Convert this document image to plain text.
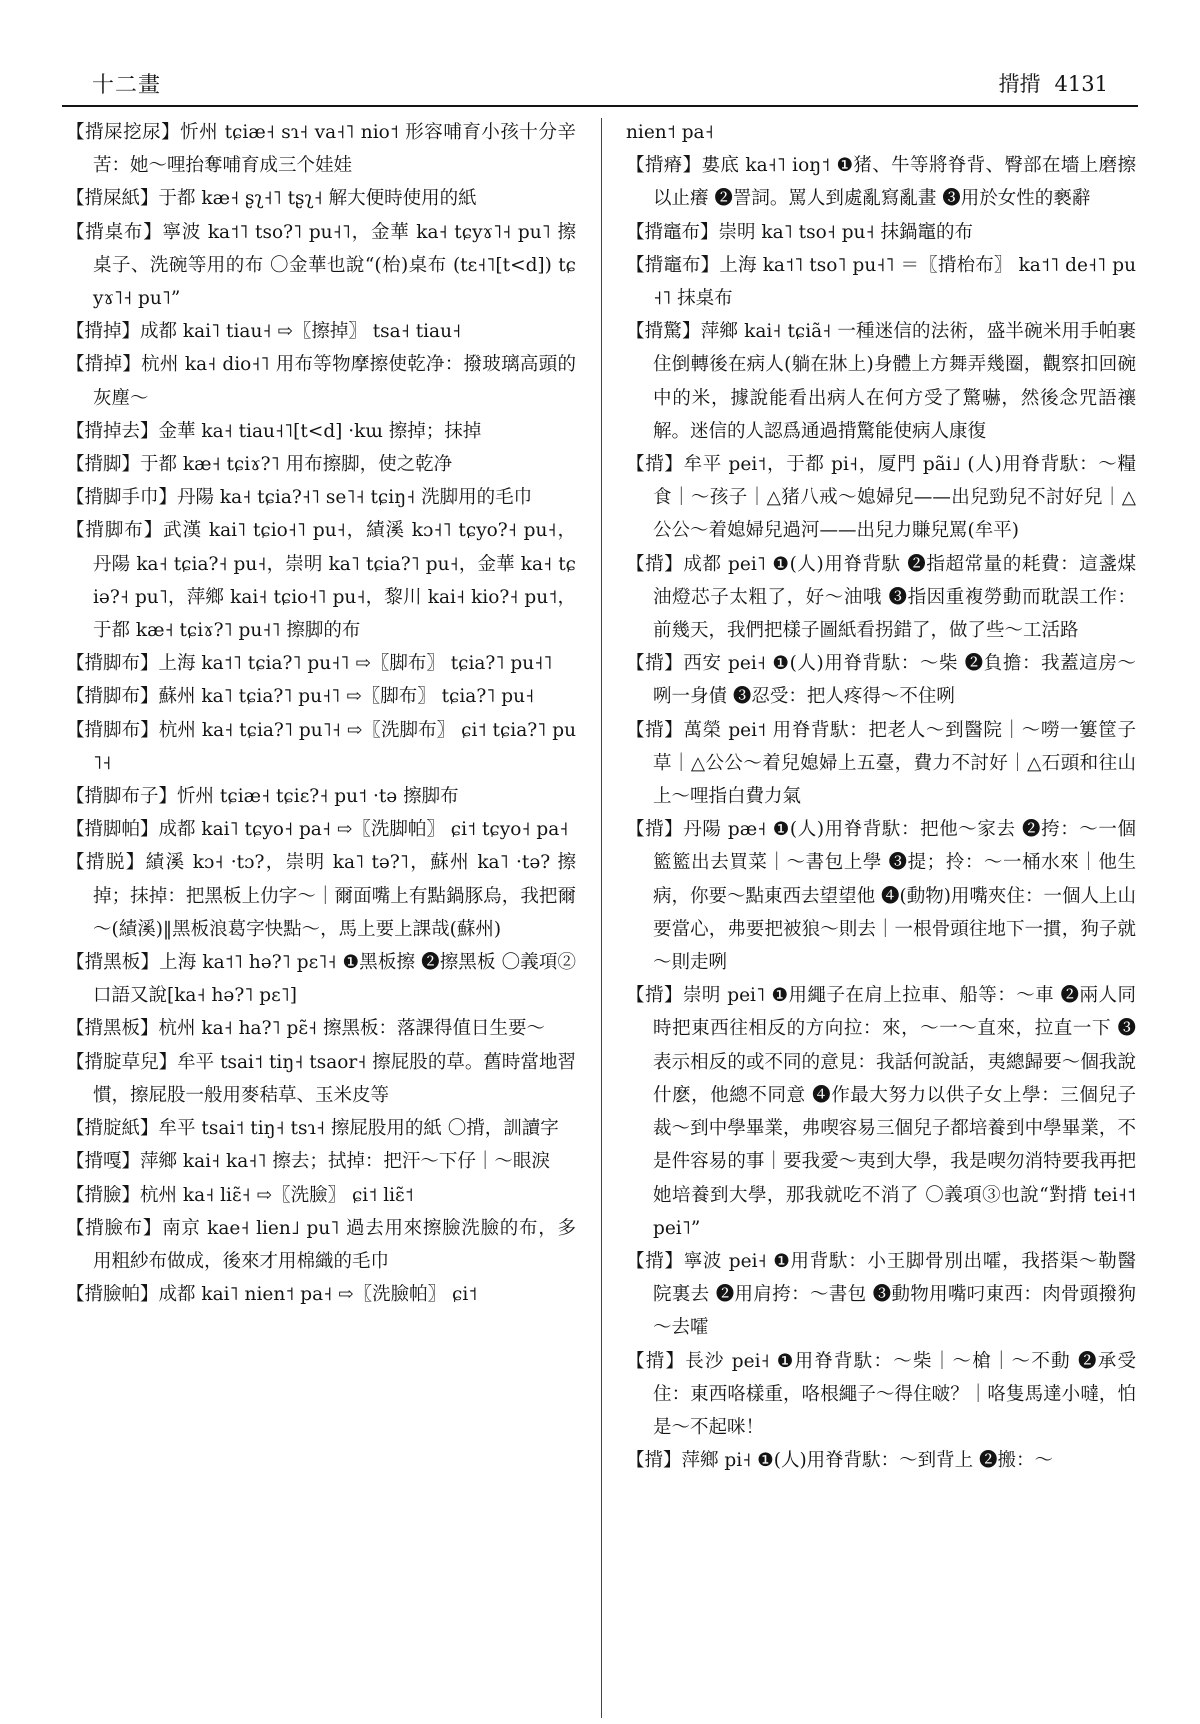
十二畫	揹揹 4131

【揹屎挖尿】忻州 tɕiæ˧ sɿ˧ va˧˥ nio˦ 形容哺育小孩十分辛苦：她～哩抬奪哺育成三个娃娃

【揹屎紙】于都 kæ˧ ʂʅ˧˥ tʂʅ˧ 解大便時使用的紙

【揹桌布】寧波 ka˦˥ tso?˥ pu˧˥，金華 ka˧ tɕyɤ˥˧ pu˥ 擦桌子、洗碗等用的布 〇金華也說“(枱)桌布 (tɛ˧˥[t<d]) tɕyɤ˥˧ pu˥”

【揹掉】成都 kai˥ tiau˧ ⇨〖擦掉〗 tsa˧ tiau˧

【揹掉】杭州 ka˧ dio˧˥ 用布等物摩擦使乾净：撥玻璃高頭的灰塵～

【揹掉去】金華 ka˧ tiau˧˥[t<d] ·kɯ 擦掉；抹掉

【揹脚】于都 kæ˧ tɕiɤ?˥ 用布擦脚，使之乾净

【揹脚手巾】丹陽 ka˧ tɕia?˧˥ se˥˧ tɕiŋ˧ 洗脚用的毛巾

【揹脚布】武漢 kai˥ tɕio˧˥ pu˧，績溪 kɔ˧˥ tɕyo?˧ pu˧，丹陽 ka˧ tɕia?˧ pu˧，崇明 ka˥ tɕia?˥ pu˧，金華 ka˧ tɕiə?˧ pu˥，萍鄉 kai˧ tɕio˧˥ pu˧，黎川 kai˧ kio?˧ pu˦，于都 kæ˧ tɕiɤ?˥ pu˧˥ 擦脚的布

【揹脚布】上海 ka˦˥ tɕia?˥ pu˧˥ ⇨〖脚布〗 tɕia?˥ pu˧˥

【揹脚布】蘇州 ka˥ tɕia?˥ pu˧˥ ⇨〖脚布〗 tɕia?˥ pu˧

【揹脚布】杭州 ka˧ tɕia?˥ pu˥˧ ⇨〖洗脚布〗 ɕi˦ tɕia?˥ pu˥˧

【揹脚布子】忻州 tɕiæ˧ tɕiɛ?˧ pu˦ ·tə 擦脚布

【揹脚帕】成都 kai˥ tɕyo˧ pa˧ ⇨〖洗脚帕〗 ɕi˦ tɕyo˧ pa˧

【揹脱】績溪 kɔ˧ ·tɔ?，崇明 ka˥ tə?˥，蘇州 ka˥ ·tə? 擦掉；抹掉：把黑板上仂字～｜爾面嘴上有點鍋豚烏，我把爾～(績溪)‖黑板浪葛字快點～，馬上要上課哉(蘇州)

【揹黑板】上海 ka˦˥ hə?˥ pɛ˥˧ ❶黑板擦 ❷擦黑板 〇義項②口語又說[ka˧ hə?˥ pɛ˥]

【揹黑板】杭州 ka˧ ha?˥ pɛ̃˧ 擦黑板：落課得值日生要～

【揹腚草兒】牟平 tsai˦ tiŋ˧ tsaor˧ 擦屁股的草。舊時當地習慣，擦屁股一般用麥秸草、玉米皮等

【揹腚紙】牟平 tsai˦ tiŋ˧ tsɿ˧ 擦屁股用的紙 〇揹，訓讀字

【揹嘎】萍鄉 kai˧ ka˧˥ 擦去；拭掉：把汗～下仔｜～眼淚

【揹臉】杭州 ka˧ liɛ̃˧ ⇨〖洗臉〗 ɕi˦ liɛ̃˦

【揹臉布】南京 kae˧ lien˩ pu˥ 過去用來擦臉洗臉的布，多用粗紗布做成，後來才用棉織的毛巾

【揹臉帕】成都 kai˥ nien˦ pa˧ ⇨〖洗臉帕〗 ɕi˦

nien˦ pa˧

【揹瘠】婁底 ka˧˥ ioŋ˦ ❶猪、牛等將脊背、臀部在墻上磨擦以止癢 ❷詈詞。罵人到處亂寫亂畫 ❸用於女性的褻辭

【揹竈布】崇明 ka˥ tso˧ pu˧ 抹鍋竈的布

【揹竈布】上海 ka˦˥ tso˥ pu˧˥ ＝〖揹枱布〗 ka˦˥ de˧˥ pu˧˥ 抹桌布

【揹驚】萍鄉 kai˧ tɕiã˧ 一種迷信的法術，盛半碗米用手帕裹住倒轉後在病人(躺在牀上)身體上方舞弄幾圈，觀察扣回碗中的米，據說能看出病人在何方受了驚嚇，然後念咒語禳解。迷信的人認爲通過揹驚能使病人康復

【揹】牟平 pei˦，于都 pi˧，厦門 pãi˩ (人)用脊背馱：～糧食｜～孩子｜△猪八戒～媳婦兒——出兒勁兒不討好兒｜△公公～着媳婦兒過河——出兒力賺兒罵(牟平)

【揹】成都 pei˥ ❶(人)用脊背馱 ❷指超常量的耗費：這盞煤油燈芯子太粗了，好～油哦 ❸指因重複勞動而耽誤工作：前幾天，我們把樣子圖紙看拐錯了，做了些～工活路

【揹】西安 pei˧ ❶(人)用脊背馱：～柴 ❷負擔：我蓋這房～咧一身債 ❸忍受：把人疼得～不住咧

【揹】萬榮 pei˦ 用脊背馱：把老人～到醫院｜～嘮一簍筐子草｜△公公～着兒媳婦上五臺，費力不討好｜△石頭和往山上～哩指白費力氣

【揹】丹陽 pæ˧ ❶(人)用脊背馱：把他～家去 ❷挎：～一個籃籃出去買菜｜～書包上學 ❸提；拎：～一桶水來｜他生病，你要～點東西去望望他 ❹(動物)用嘴夾住：一個人上山要當心，弗要把被狼～則去｜一根骨頭往地下一摜，狗子就～則走咧

【揹】崇明 pei˥ ❶用繩子在肩上拉車、船等：～車 ❷兩人同時把東西往相反的方向拉：來，～一～直來，拉直一下 ❸表示相反的或不同的意見：我話何說話，夷總歸要～個我說什麽，他總不同意 ❹作最大努力以供子女上學：三個兒子裁～到中學畢業，弗喫容易三個兒子都培養到中學畢業，不是件容易的事｜要我愛～夷到大學，我是喫勿消特要我再把她培養到大學，那我就吃不消了 〇義項③也說“對揹 tei˧˦ pei˥”

【揹】寧波 pei˧ ❶用背馱：小王脚骨別出嚯，我搭渠～勒醫院裏去 ❷用肩挎：～書包 ❸動物用嘴叼東西：肉骨頭撥狗～去嚯

【揹】長沙 pei˧ ❶用脊背馱：～柴｜～槍｜～不動 ❷承受住：東西咯樣重，咯根繩子～得住啵？｜咯隻馬達小噠，怕是～不起咪！

【揹】萍鄉 pi˧ ❶(人)用脊背馱：～到背上 ❷搬：～
